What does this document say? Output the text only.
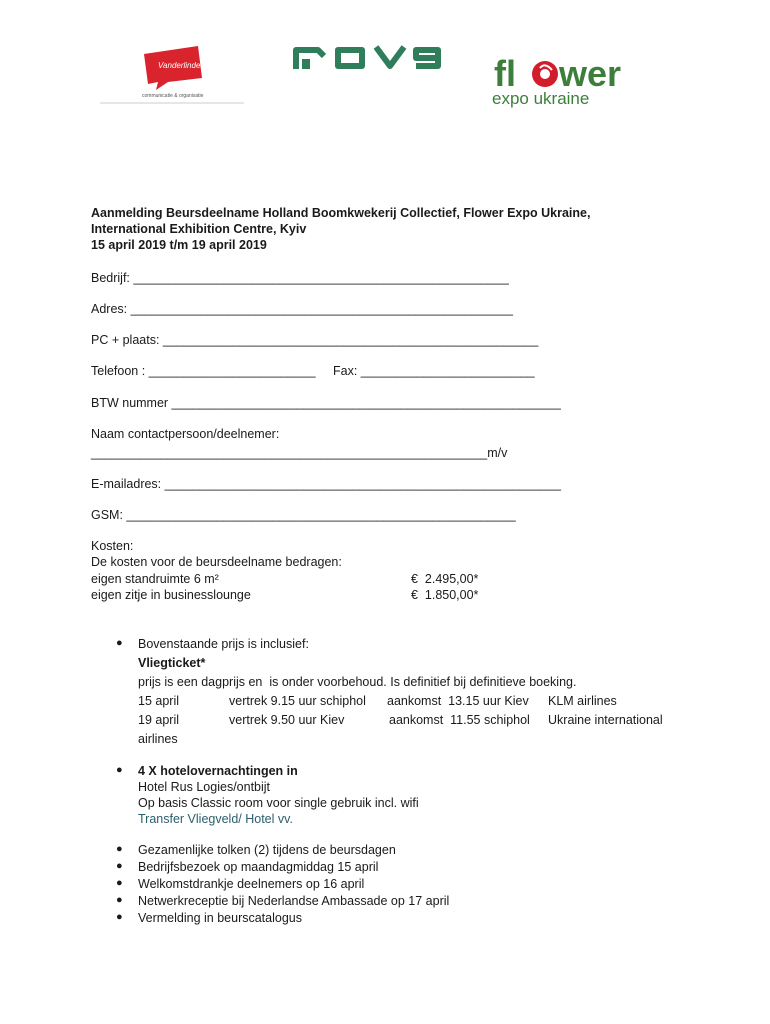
Vanderlinden
communicatie & organisatie
fl wer
expo ukraine
Aanmelding Beursdeelname Holland Boomkwekerij Collectief, Flower Expo Ukraine,
International Exhibition Centre, Kyiv
15 april 2019 t/m 19 april 2019
Bedrijf: ______________________________________________________
Adres: _______________________________________________________
PC + plaats: ______________________________________________________
Telefoon : ________________________ Fax: _________________________
BTW nummer ________________________________________________________
Naam contactpersoon/deelnemer:
_________________________________________________________m/v
E-mailadres: _________________________________________________________
GSM: ________________________________________________________
Kosten:
De kosten voor de beursdeelname bedragen:
eigen standruimte 6 m²	€  2.495,00*
eigen zitje in businesslounge	€  1.850,00*
● Bovenstaande prijs is inclusief:
Vliegticket*
prijs is een dagprijs en  is onder voorbehoud. Is definitief bij definitieve boeking.
15 april	vertrek 9.15 uur schiphol aankomst  13.15 uur Kiev KLM airlines
19 april	vertrek 9.50 uur Kiev	aankomst  11.55 schiphol Ukraine international
airlines
● 4 X hotelovernachtingen in
Hotel Rus Logies/ontbijt
Op basis Classic room voor single gebruik incl. wifi
Transfer Vliegveld/ Hotel vv.
● Gezamenlijke tolken (2) tijdens de beursdagen
● Bedrijfsbezoek op maandagmiddag 15 april
● Welkomstdrankje deelnemers op 16 april
● Netwerkreceptie bij Nederlandse Ambassade op 17 april
● Vermelding in beurscatalogus
